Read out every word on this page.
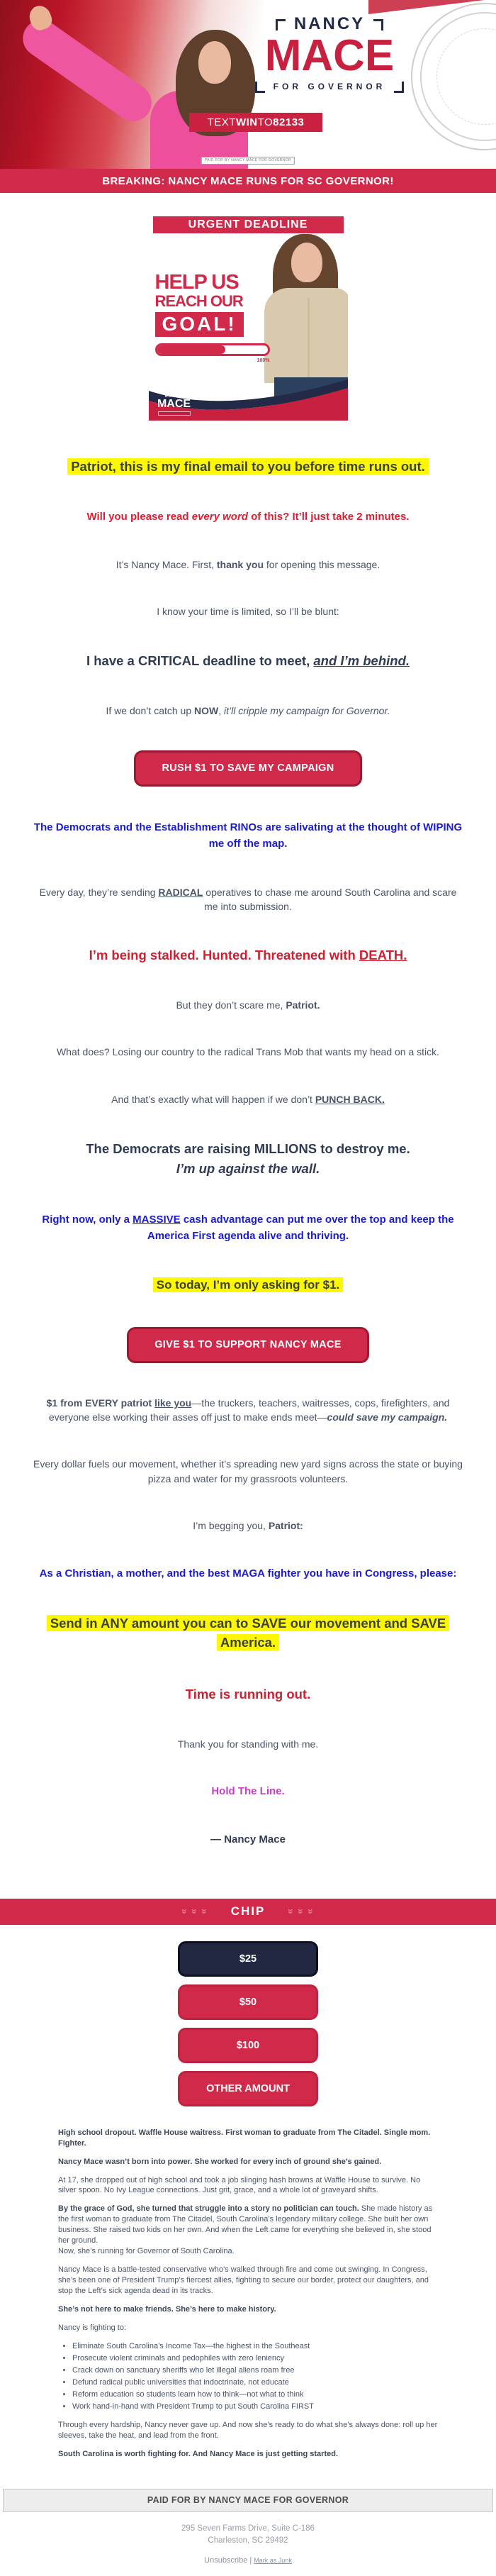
NANCY
MACE
FOR GOVERNOR
TEXT WIN TO 82133
PAID FOR BY NANCY MACE FOR GOVERNOR
BREAKING: NANCY MACE RUNS FOR SC GOVERNOR!
URGENT DEADLINE
HELP US
REACH OUR
GOAL!
100%
NANCY
MACE

Patriot, this is my final email to you before time runs out.

Will you please read every word of this? It’ll just take 2 minutes.

It’s Nancy Mace. First, thank you for opening this message.

I know your time is limited, so I’ll be blunt:

I have a CRITICAL deadline to meet, and I’m behind.

If we don’t catch up NOW, it’ll cripple my campaign for Governor.

RUSH $1 TO SAVE MY CAMPAIGN

The Democrats and the Establishment RINOs are salivating at the thought of WIPING me off the map.

Every day, they’re sending RADICAL operatives to chase me around South Carolina and scare me into submission.

I’m being stalked. Hunted. Threatened with DEATH.

But they don’t scare me, Patriot.

What does? Losing our country to the radical Trans Mob that wants my head on a stick.

And that’s exactly what will happen if we don’t PUNCH BACK.

The Democrats are raising MILLIONS to destroy me.
I’m up against the wall.

Right now, only a MASSIVE cash advantage can put me over the top and keep the America First agenda alive and thriving.

So today, I’m only asking for $1.

GIVE $1 TO SUPPORT NANCY MACE

$1 from EVERY patriot like you—the truckers, teachers, waitresses, cops, firefighters, and everyone else working their asses off just to make ends meet—could save my campaign.

Every dollar fuels our movement, whether it’s spreading new yard signs across the state or buying pizza and water for my grassroots volunteers.

I’m begging you, Patriot:

As a Christian, a mother, and the best MAGA fighter you have in Congress, please:

Send in ANY amount you can to SAVE our movement and SAVE America.

Time is running out.

Thank you for standing with me.

Hold The Line.

— Nancy Mace

»
»
» CHIP »
»
»
$25
$50
$100
OTHER AMOUNT

High school dropout. Waffle House waitress. First woman to graduate from The Citadel. Single mom. Fighter.

Nancy Mace wasn’t born into power. She worked for every inch of ground she’s gained.

At 17, she dropped out of high school and took a job slinging hash browns at Waffle House to survive. No silver spoon. No Ivy League connections. Just grit, grace, and a whole lot of graveyard shifts.

By the grace of God, she turned that struggle into a story no politician can touch. She made history as the first woman to graduate from The Citadel, South Carolina’s legendary military college. She built her own business. She raised two kids on her own. And when the Left came for everything she believed in, she stood her ground.
Now, she’s running for Governor of South Carolina.

Nancy Mace is a battle-tested conservative who’s walked through fire and come out swinging. In Congress, she’s been one of President Trump’s fiercest allies, fighting to secure our border, protect our daughters, and stop the Left’s sick agenda dead in its tracks.

She’s not here to make friends. She’s here to make history.

Nancy is fighting to:

• Eliminate South Carolina’s Income Tax—the highest in the Southeast
• Prosecute violent criminals and pedophiles with zero leniency
• Crack down on sanctuary sheriffs who let illegal aliens roam free
• Defund radical public universities that indoctrinate, not educate
• Reform education so students learn how to think—not what to think
• Work hand-in-hand with President Trump to put South Carolina FIRST

Through every hardship, Nancy never gave up. And now she’s ready to do what she’s always done: roll up her sleeves, take the heat, and lead from the front.

South Carolina is worth fighting for. And Nancy Mace is just getting started.

PAID FOR BY NANCY MACE FOR GOVERNOR
295 Seven Farms Drive, Suite C-186
Charleston, SC 29492
Unsubscribe | Mark as Junk
